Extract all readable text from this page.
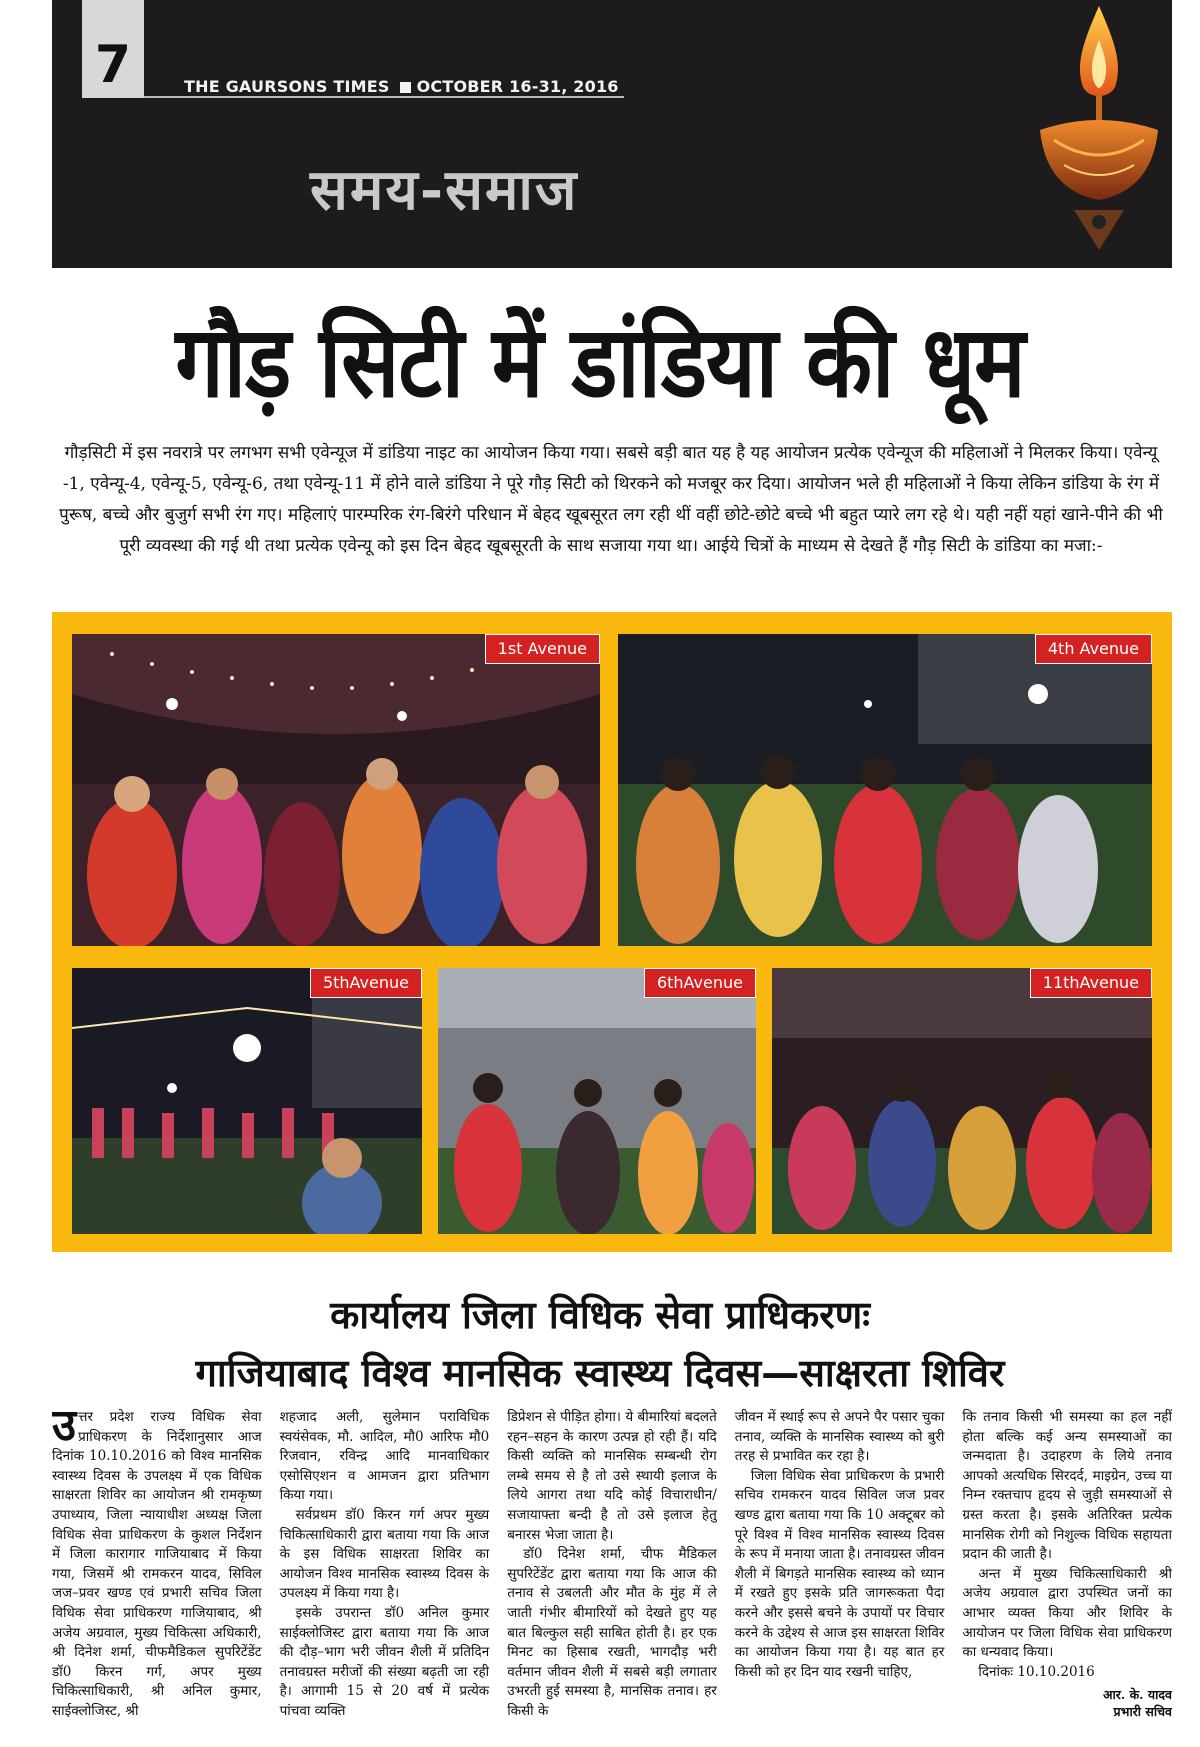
7	THE GAURSONS TIMES OCTOBER 16-31, 2016
समय-समाज
गौड़ सिटी में डांडिया की धूम
गौड़सिटी में इस नवरात्रे पर लगभग सभी एवेन्यूज में डांडिया नाइट का आयोजन किया गया। सबसे बड़ी बात यह है यह आयोजन प्रत्येक एवेन्यूज की महिलाओं ने मिलकर किया। एवेन्यू -1, एवेन्यू-4, एवेन्यू-5, एवेन्यू-6, तथा एवेन्यू-11 में होने वाले डांडिया ने पूरे गौड़ सिटी को थिरकने को मजबूर कर दिया। आयोजन भले ही महिलाओं ने किया लेकिन डांडिया के रंग में पुरूष, बच्चे और बुजुर्ग सभी रंग गए। महिलाएं पारम्परिक रंग-बिरंगे परिधान में बेहद खूबसूरत लग रही थीं वहीं छोटे-छोटे बच्चे भी बहुत प्यारे लग रहे थे। यही नहीं यहां खाने-पीने की भी पूरी व्यवस्था की गई थी तथा प्रत्येक एवेन्यू को इस दिन बेहद खूबसूरती के साथ सजाया गया था। आईये चित्रों के माध्यम से देखते हैं गौड़ सिटी के डांडिया का मजा:-
1st Avenue	4th Avenue
5thAvenue	6thAvenue	11thAvenue
कार्यालय जिला विधिक सेवा प्राधिकरणः
गाजियाबाद विश्व मानसिक स्वास्थ्य दिवस—साक्षरता शिविर

उत्तर प्रदेश राज्य विधिक सेवा प्राधिकरण के निर्देशानुसार आज दिनांक 10.10.2016 को विश्व मानसिक स्वास्थ्य दिवस के उपलक्ष्य में एक विधिक साक्षरता शिविर का आयोजन श्री रामकृष्ण उपाध्याय, जिला न्यायाधीश अध्यक्ष जिला विधिक सेवा प्राधिकरण के कुशल निर्देशन में जिला कारागार गाजियाबाद में किया गया, जिसमें श्री रामकरन यादव, सिविल जज–प्रवर खण्ड एवं प्रभारी सचिव जिला विधिक सेवा प्राधिकरण गाजियाबाद, श्री अजेय अग्रवाल, मुख्य चिकित्सा अधिकारी, श्री दिनेश शर्मा, चीफमैडिकल सुपरिटेंडेंट डॉ0 किरन गर्ग, अपर मुख्य चिकित्साधिकारी, श्री अनिल कुमार, साईक्लोजिस्ट, श्री

शहजाद अली, सुलेमान पराविधिक स्वयंसेवक, मौ. आदिल, मौ0 आरिफ मौ0 रिजवान, रविन्द्र आदि मानवाधिकार एसोसिएशन व आमजन द्वारा प्रतिभाग किया गया।

सर्वप्रथम डॉ0 किरन गर्ग अपर मुख्य चिकित्साधिकारी द्वारा बताया गया कि आज के इस विधिक साक्षरता शिविर का आयोजन विश्व मानसिक स्वास्थ्य दिवस के उपलक्ष्य में किया गया है।

इसके उपरान्त डॉ0 अनिल कुमार साईक्लोजिस्ट द्वारा बताया गया कि आज की दौड़–भाग भरी जीवन शैली में प्रतिदिन तनावग्रस्त मरीजों की संख्या बढ़ती जा रही है। आगामी 15 से 20 वर्ष में प्रत्येक पांचवा व्यक्ति

डिप्रेशन से पीड़ित होगा। ये बीमारियां बदलते रहन–सहन के कारण उत्पन्न हो रही हैं। यदि किसी व्यक्ति को मानसिक सम्बन्धी रोग लम्बे समय से है तो उसे स्थायी इलाज के लिये आगरा तथा यदि कोई विचाराधीन/सजायाफ्ता बन्दी है तो उसे इलाज हेतु बनारस भेजा जाता है।

डॉ0 दिनेश शर्मा, चीफ मैडिकल सुपरिटेंडेंट द्वारा बताया गया कि आज की तनाव से उबलती और मौत के मुंह में ले जाती गंभीर बीमारियों को देखते हुए यह बात बिल्कुल सही साबित होती है। हर एक मिनट का हिसाब रखती, भागदौड़ भरी वर्तमान जीवन शैली में सबसे बड़ी लगातार उभरती हुई समस्या है, मानसिक तनाव। हर किसी के

जीवन में स्थाई रूप से अपने पैर पसार चुका तनाव, व्यक्ति के मानसिक स्वास्थ्य को बुरी तरह से प्रभावित कर रहा है।

जिला विधिक सेवा प्राधिकरण के प्रभारी सचिव रामकरन यादव सिविल जज प्रवर खण्ड द्वारा बताया गया कि 10 अक्टूबर को पूरे विश्व में विश्व मानसिक स्वास्थ्य दिवस के रूप में मनाया जाता है। तनावग्रस्त जीवन शैली में बिगड़ते मानसिक स्वास्थ्य को ध्यान में रखते हुए इसके प्रति जागरूकता पैदा करने और इससे बचने के उपायों पर विचार करने के उद्देश्य से आज इस साक्षरता शिविर का आयोजन किया गया है। यह बात हर किसी को हर दिन याद रखनी चाहिए,

कि तनाव किसी भी समस्या का हल नहीं होता बल्कि कई अन्य समस्याओं का जन्मदाता है। उदाहरण के लिये तनाव आपको अत्यधिक सिरदर्द, माइग्रेन, उच्च या निम्न रक्तचाप हृदय से जुड़ी समस्याओं से ग्रस्त करता है। इसके अतिरिक्त प्रत्येक मानसिक रोगी को निशुल्क विधिक सहायता प्रदान की जाती है।

अन्त में मुख्य चिकित्साधिकारी श्री अजेय अग्रवाल द्वारा उपस्थित जनों का आभार व्यक्त किया और शिविर के आयोजन पर जिला विधिक सेवा प्राधिकरण का धन्यवाद किया।

दिनांकः 10.10.2016

आर. के. यादव
प्रभारी सचिव
